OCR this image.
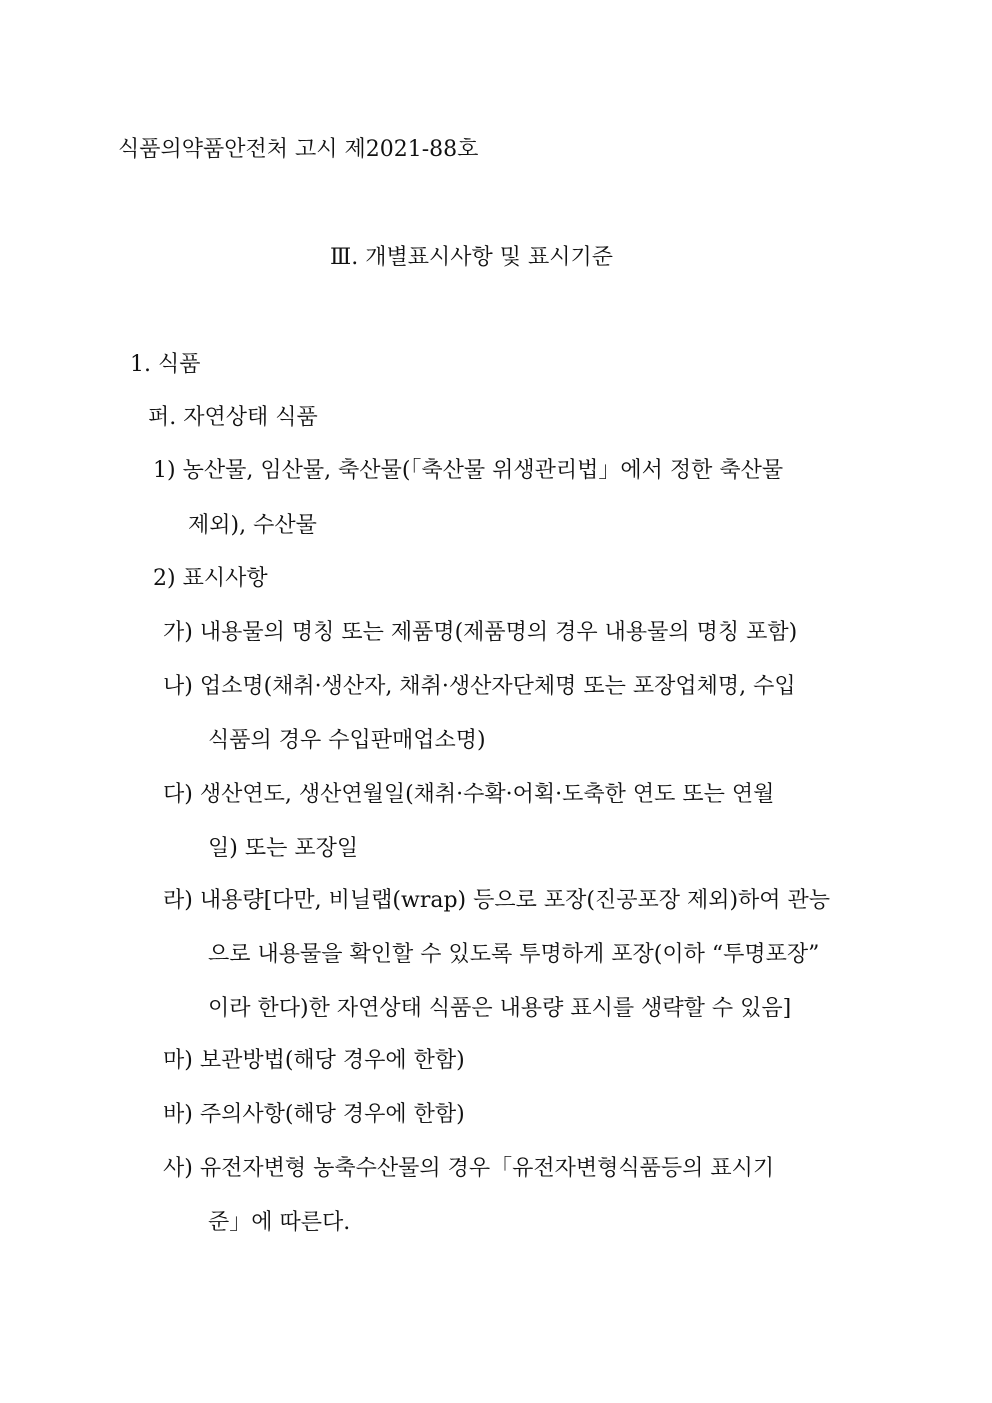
식품의약품안전처 고시 제2021-88호
Ⅲ. 개별표시사항 및 표시기준
1. 식품
퍼. 자연상태 식품
1) 농산물, 임산물, 축산물(「축산물 위생관리법」에서 정한 축산물
제외), 수산물
2) 표시사항
가) 내용물의 명칭 또는 제품명(제품명의 경우 내용물의 명칭 포함)
나) 업소명(채취·생산자, 채취·생산자단체명 또는 포장업체명, 수입
식품의 경우 수입판매업소명)
다) 생산연도, 생산연월일(채취·수확·어획·도축한 연도 또는 연월
일) 또는 포장일
라) 내용량[다만, 비닐랩(wrap) 등으로 포장(진공포장 제외)하여 관능
으로 내용물을 확인할 수 있도록 투명하게 포장(이하 “투명포장”
이라 한다)한 자연상태 식품은 내용량 표시를 생략할 수 있음]
마) 보관방법(해당 경우에 한함)
바) 주의사항(해당 경우에 한함)
사) 유전자변형 농축수산물의 경우「유전자변형식품등의 표시기
준」에 따른다.
